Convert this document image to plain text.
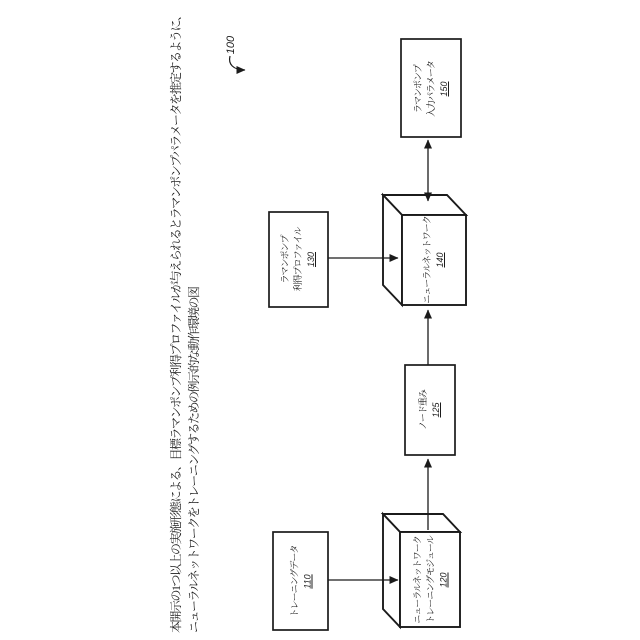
本開示の1つ以上の実施形態による、目標ラマンポンプ利得プロファイルが与えられるとラマンポンプパラメータを推定するように、 ニューラルネットワークをトレーニングするための例示的な動作環境の図
100
トレーニングデータ 110	ニューラルネットワーク トレーニングモジュール 120
ノード重み 125
ラマンポンプ 利得プロファイル 130	ニューラルネットワーク 140
ラマンポンプ 入力パラメータ 150
